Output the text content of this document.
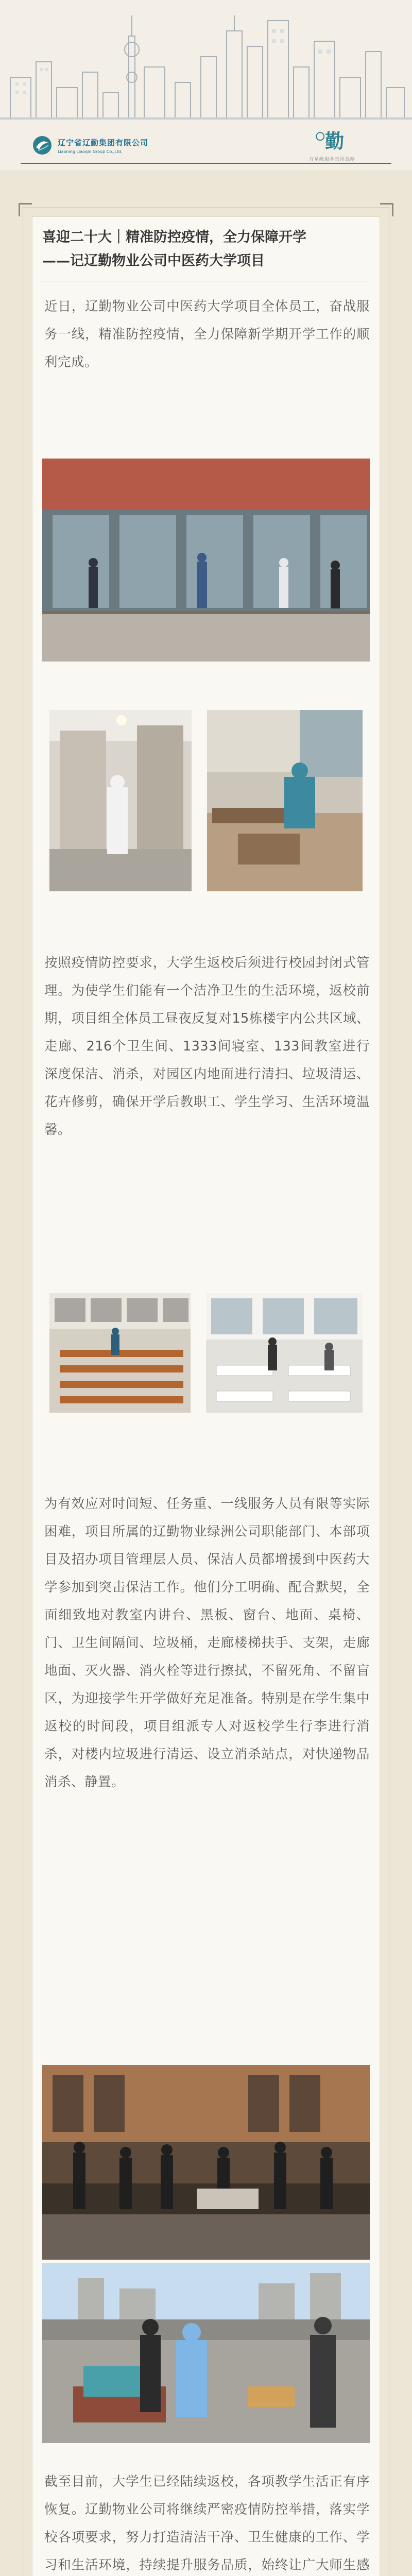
辽宁省辽勤集团有限公司
Liaoning Liaoqin Group Co.,Ltd.	勤
万星级服务集团战略
喜迎二十大｜精准防控疫情，全力保障开学
——记辽勤物业公司中医药大学项目

近日，辽勤物业公司中医药大学项目全体员工，奋战服务一线，精准防控疫情，全力保障新学期开学工作的顺利完成。

按照疫情防控要求，大学生返校后须进行校园封闭式管理。为使学生们能有一个洁净卫生的生活环境，返校前期，项目组全体员工昼夜反复对15栋楼宇内公共区域、走廊、216个卫生间、1333间寝室、133间教室进行深度保洁、消杀，对园区内地面进行清扫、垃圾清运、花卉修剪，确保开学后教职工、学生学习、生活环境温馨。

为有效应对时间短、任务重、一线服务人员有限等实际困难，项目所属的辽勤物业绿洲公司职能部门、本部项目及招办项目管理层人员、保洁人员都增援到中医药大学参加到突击保洁工作。他们分工明确、配合默契，全面细致地对教室内讲台、黑板、窗台、地面、桌椅、门、卫生间隔间、垃圾桶，走廊楼梯扶手、支架，走廊地面、灭火器、消火栓等进行擦拭，不留死角、不留盲区，为迎接学生开学做好充足准备。特别是在学生集中返校的时间段，项目组派专人对返校学生行李进行消杀，对楼内垃圾进行清运、设立消杀站点，对快递物品消杀、静置。

截至目前，大学生已经陆续返校，各项教学生活正有序恢复。辽勤物业公司将继续严密疫情防控举措，落实学校各项要求，努力打造清洁干净、卫生健康的工作、学习和生活环境，持续提升服务品质，始终让广大师生感
